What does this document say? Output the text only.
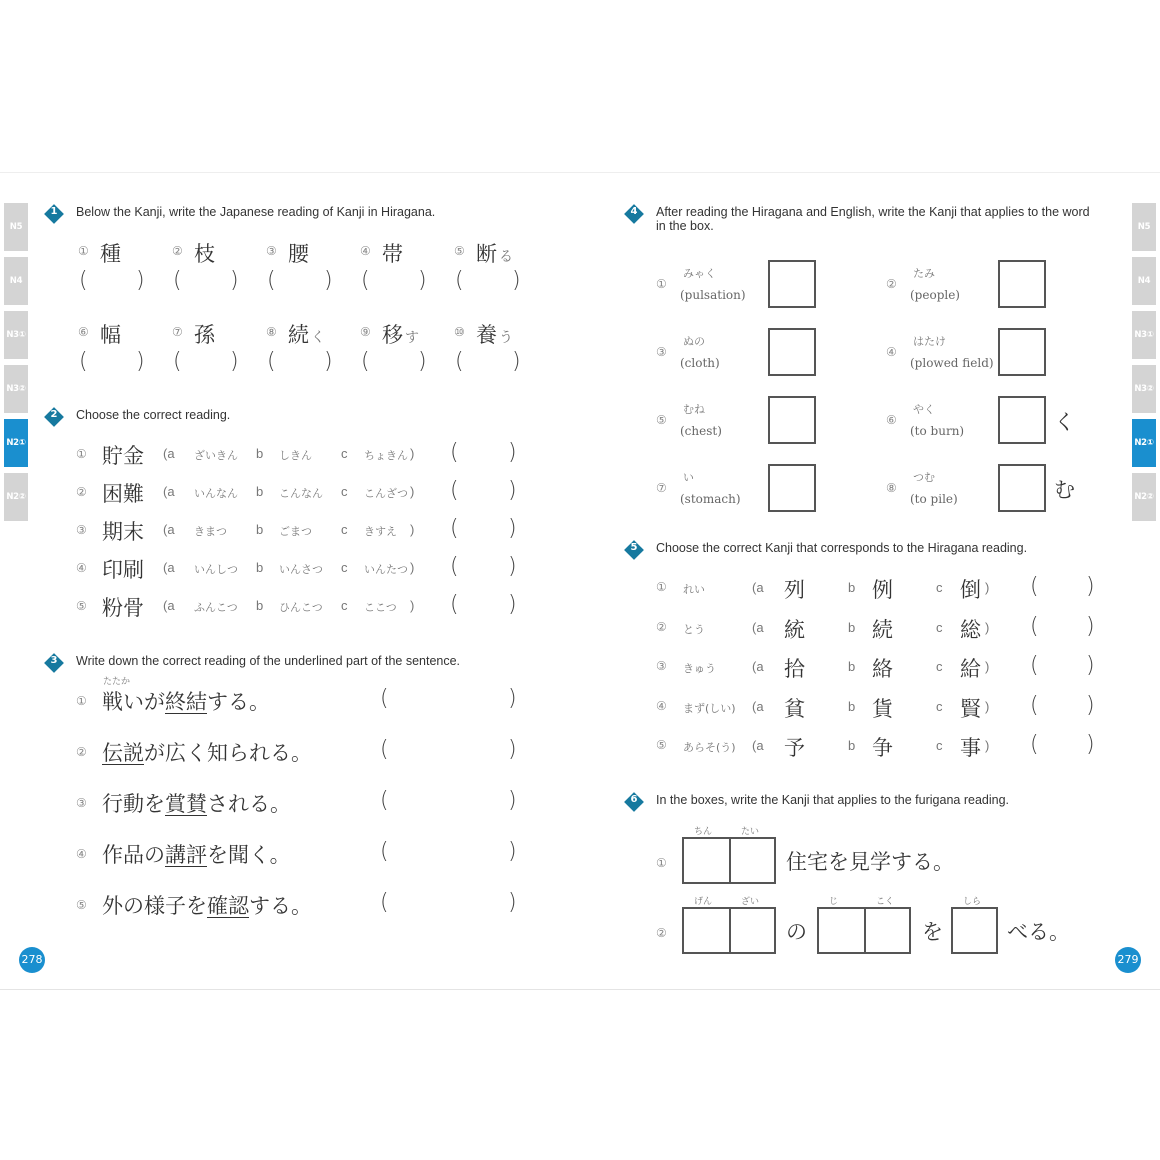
N5	N5
N4	N4
N3①	N3①
N3②	N3②
N2①	N2①
N2②	N2②
1	Below the Kanji, write the Japanese reading of Kanji in Hiragana.
① 種
( )
② 枝
( )
③ 腰
( )
④ 帯
( )
⑤ 断 る
( )
⑥ 幅
( )
⑦ 孫
( )
⑧ 続 く
( )
⑨ 移 す
( )
⑩ 養 う
( )
2	Choose the correct reading.
① 貯金 (a ざいきん b しきん c ちょきん ) ( )
② 困難 (a いんなん b こんなん c こんざつ ) ( )
③ 期末 (a きまつ b ごまつ c きすえ ) ( )
④ 印刷 (a いんしつ b いんさつ c いんたつ ) ( )
⑤ 粉骨 (a ふんこつ b ひんこつ c ここつ ) ( )
3	Write down the correct reading of the underlined part of the sentence.
①
たたか
戦いが終結する。	(	)
② 伝説が広く知られる。	(	)
③ 行動を賞賛される。	(	)
④ 作品の講評を聞く。	(	)
⑤ 外の様子を確認する。	(	)
278	279
4	After reading the Hiragana and English, write the Kanji that applies to the word in the box.
①
みゃく
(pulsation)
②
たみ
(people)
③
ぬの
(cloth)
④
はたけ
(plowed field)
⑤
むね
(chest)
⑥
やく
(to burn)	く
⑦
い
(stomach)
⑧
つむ
(to pile)	む
5	Choose the correct Kanji that corresponds to the Hiragana reading.
① れい	(a 列	b 例	c 倒 ) ( )
② とう	(a 統	b 続	c 総 ) ( )
③ きゅう	(a 拾	b 絡	c 給 ) ( )
④ まず(しい) (a 貧	b 貨	c 賢 ) ( )
⑤ あらそ(う) (a 予	b 争	c 事 ) ( )
6	In the boxes, write the Kanji that applies to the furigana reading.
①
ちん	たい
住宅を見学する。
②
げん	ざい
の
じ	こく
を
しら
べる。
